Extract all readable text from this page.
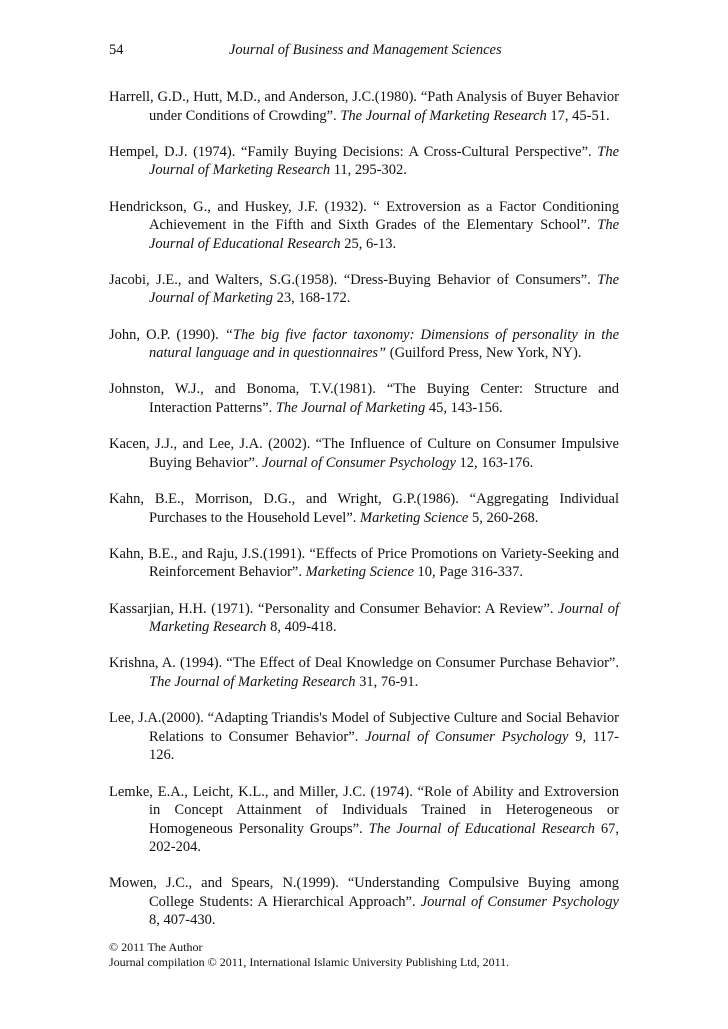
54	Journal of Business and Management Sciences
Harrell, G.D., Hutt, M.D., and Anderson, J.C.(1980). “Path Analysis of Buyer Behavior under Conditions of Crowding”. The Journal of Marketing Research 17, 45-51.
Hempel, D.J. (1974). “Family Buying Decisions: A Cross-Cultural Perspective”. The Journal of Marketing Research 11, 295-302.
Hendrickson, G., and Huskey, J.F. (1932). “ Extroversion as a Factor Conditioning Achievement in the Fifth and Sixth Grades of the Elementary School”. The Journal of Educational Research 25, 6-13.
Jacobi, J.E., and Walters, S.G.(1958). “Dress-Buying Behavior of Consumers”. The Journal of Marketing 23, 168-172.
John, O.P. (1990). “The big five factor taxonomy: Dimensions of personality in the natural language and in questionnaires” (Guilford Press, New York, NY).
Johnston, W.J., and Bonoma, T.V.(1981). “The Buying Center: Structure and Interaction Patterns”. The Journal of Marketing 45, 143-156.
Kacen, J.J., and Lee, J.A. (2002). “The Influence of Culture on Consumer Impulsive Buying Behavior”. Journal of Consumer Psychology 12, 163-176.
Kahn, B.E., Morrison, D.G., and Wright, G.P.(1986). “Aggregating Individual Purchases to the Household Level”. Marketing Science 5, 260-268.
Kahn, B.E., and Raju, J.S.(1991). “Effects of Price Promotions on Variety-Seeking and Reinforcement Behavior”. Marketing Science 10, Page 316-337.
Kassarjian, H.H. (1971). “Personality and Consumer Behavior: A Review”. Journal of Marketing Research 8, 409-418.
Krishna, A. (1994). “The Effect of Deal Knowledge on Consumer Purchase Behavior”. The Journal of Marketing Research 31, 76-91.
Lee, J.A.(2000). “Adapting Triandis's Model of Subjective Culture and Social Behavior Relations to Consumer Behavior”. Journal of Consumer Psychology 9, 117- 126.
Lemke, E.A., Leicht, K.L., and Miller, J.C. (1974). “Role of Ability and Extroversion in Concept Attainment of Individuals Trained in Heterogeneous or Homogeneous Personality Groups”. The Journal of Educational Research 67, 202-204.
Mowen, J.C., and Spears, N.(1999). “Understanding Compulsive Buying among College Students: A Hierarchical Approach”. Journal of Consumer Psychology 8, 407-430.
© 2011 The Author
Journal compilation © 2011, International Islamic University Publishing Ltd, 2011.
